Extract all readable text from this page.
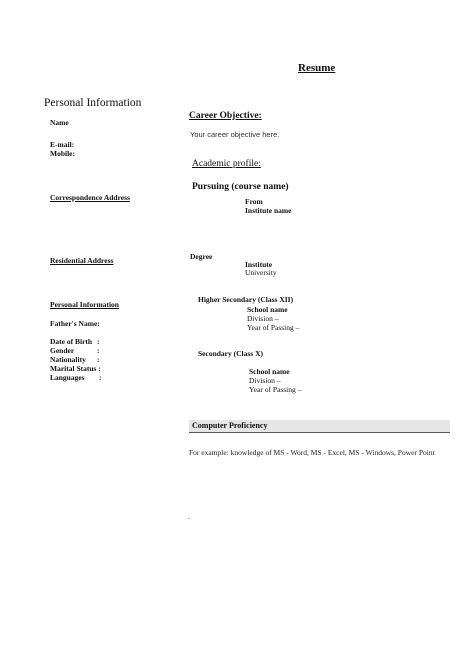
Resume
Personal Information
Name
E-mail:
Mobile:
Correspondence Address
Residential Address
Personal Information
Father's Name:
Date of Birth :
Gender	:
Nationality :
Marital Status :
Languages :
Career Objective:
Your career objective here.
Academic profile:
Pursuing (course name)
From
Institute name
Degree
Institute
University
Higher Secondary (Class XII)
School name
Division –
Year of Passing –
Secondary (Class X)
School name
Division –
Year of Passing –
Computer Proficiency
For example: knowledge of MS - Word, MS - Excel, MS - Windows, Power Point
.
